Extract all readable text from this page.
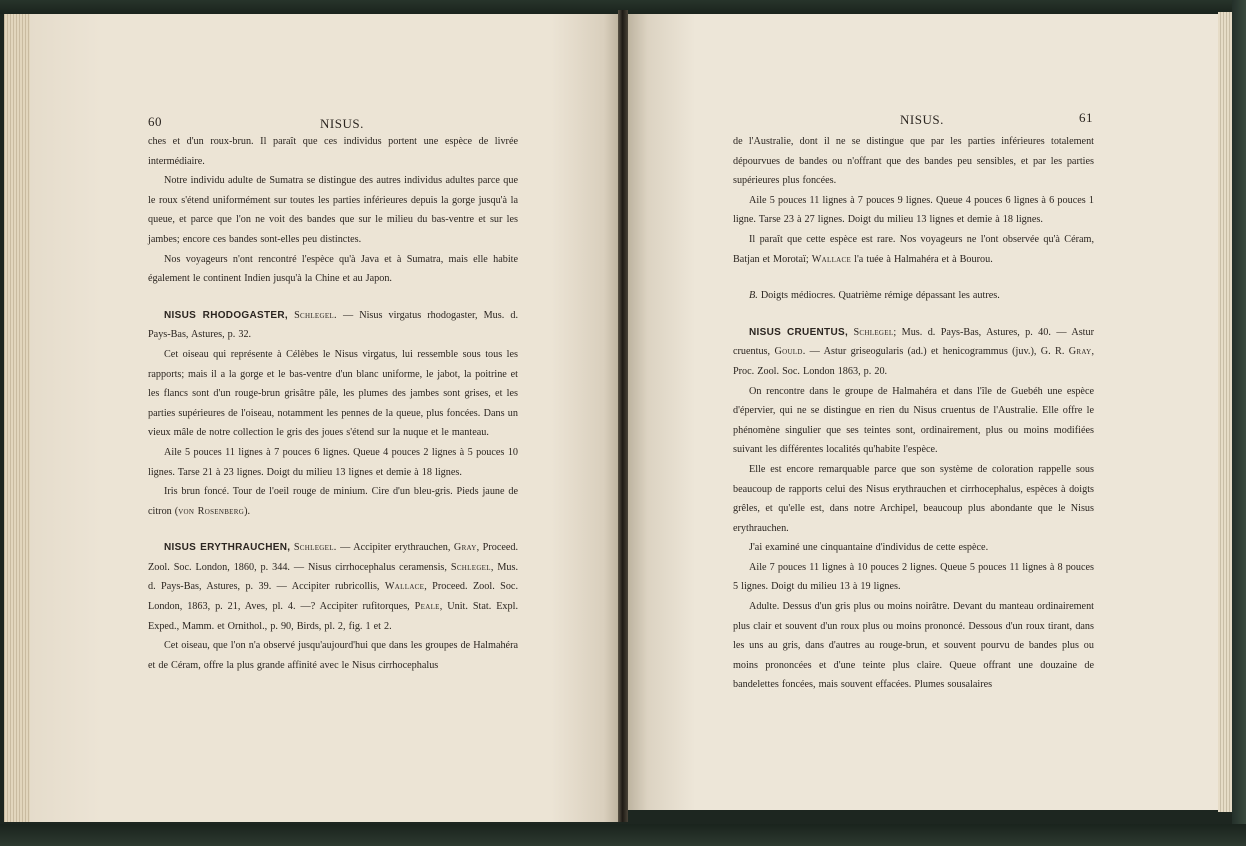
60	NISUS.

ches et d'un roux-brun. Il paraît que ces individus portent une espèce de livrée intermédiaire.

Notre individu adulte de Sumatra se distingue des autres individus adultes parce que le roux s'étend uniformément sur toutes les parties inférieures depuis la gorge jusqu'à la queue, et parce que l'on ne voit des bandes que sur le milieu du bas-ventre et sur les jambes; encore ces bandes sont-elles peu distinctes.

Nos voyageurs n'ont rencontré l'espèce qu'à Java et à Sumatra, mais elle habite également le continent Indien jusqu'à la Chine et au Japon.

NISUS RHODOGASTER, Schlegel. — Nisus virgatus rhodogaster, Mus. d. Pays-Bas, Astures, p. 32.

Cet oiseau qui représente à Célèbes le Nisus virgatus, lui ressemble sous tous les rapports; mais il a la gorge et le bas-ventre d'un blanc uniforme, le jabot, la poitrine et les flancs sont d'un rouge-brun grisâtre pâle, les plumes des jambes sont grises, et les parties supérieures de l'oiseau, notamment les pennes de la queue, plus foncées. Dans un vieux mâle de notre collection le gris des joues s'étend sur la nuque et le manteau.

Aile 5 pouces 11 lignes à 7 pouces 6 lignes. Queue 4 pouces 2 lignes à 5 pouces 10 lignes. Tarse 21 à 23 lignes. Doigt du milieu 13 lignes et demie à 18 lignes.

Iris brun foncé. Tour de l'oeil rouge de minium. Cire d'un bleu-gris. Pieds jaune de citron (von Rosenberg).

NISUS ERYTHRAUCHEN, Schlegel. — Accipiter erythrauchen, Gray, Proceed. Zool. Soc. London, 1860, p. 344. — Nisus cirrhocephalus ceramensis, Schlegel, Mus. d. Pays-Bas, Astures, p. 39. — Accipiter rubricollis, Wallace, Proceed. Zool. Soc. London, 1863, p. 21, Aves, pl. 4. —? Accipiter rufitorques, Peale, Unit. Stat. Expl. Exped., Mamm. et Ornithol., p. 90, Birds, pl. 2, fig. 1 et 2.

Cet oiseau, que l'on n'a observé jusqu'aujourd'hui que dans les groupes de Halmahéra et de Céram, offre la plus grande affinité avec le Nisus cirrhocephalus

NISUS.	61

de l'Australie, dont il ne se distingue que par les parties inférieures totalement dépourvues de bandes ou n'offrant que des bandes peu sensibles, et par les parties supérieures plus foncées.

Aile 5 pouces 11 lignes à 7 pouces 9 lignes. Queue 4 pouces 6 lignes à 6 pouces 1 ligne. Tarse 23 à 27 lignes. Doigt du milieu 13 lignes et demie à 18 lignes.

Il paraît que cette espèce est rare. Nos voyageurs ne l'ont observée qu'à Céram, Batjan et Morotaï; Wallace l'a tuée à Halmahéra et à Bourou.

B. Doigts médiocres. Quatrième rémige dépassant les autres.

NISUS CRUENTUS, Schlegel; Mus. d. Pays-Bas, Astures, p. 40. — Astur cruentus, Gould. — Astur griseogularis (ad.) et henicogrammus (juv.), G. R. Gray, Proc. Zool. Soc. London 1863, p. 20.

On rencontre dans le groupe de Halmahéra et dans l'île de Guebéh une espèce d'épervier, qui ne se distingue en rien du Nisus cruentus de l'Australie. Elle offre le phénomène singulier que ses teintes sont, ordinairement, plus ou moins modifiées suivant les différentes localités qu'habite l'espèce.

Elle est encore remarquable parce que son système de coloration rappelle sous beaucoup de rapports celui des Nisus erythrauchen et cirrhocephalus, espèces à doigts grêles, et qu'elle est, dans notre Archipel, beaucoup plus abondante que le Nisus erythrauchen.

J'ai examiné une cinquantaine d'individus de cette espèce.

Aile 7 pouces 11 lignes à 10 pouces 2 lignes. Queue 5 pouces 11 lignes à 8 pouces 5 lignes. Doigt du milieu 13 à 19 lignes.

Adulte. Dessus d'un gris plus ou moins noirâtre. Devant du manteau ordinairement plus clair et souvent d'un roux plus ou moins prononcé. Dessous d'un roux tirant, dans les uns au gris, dans d'autres au rouge-brun, et souvent pourvu de bandes plus ou moins prononcées et d'une teinte plus claire. Queue offrant une douzaine de bandelettes foncées, mais souvent effacées. Plumes sousalaires
